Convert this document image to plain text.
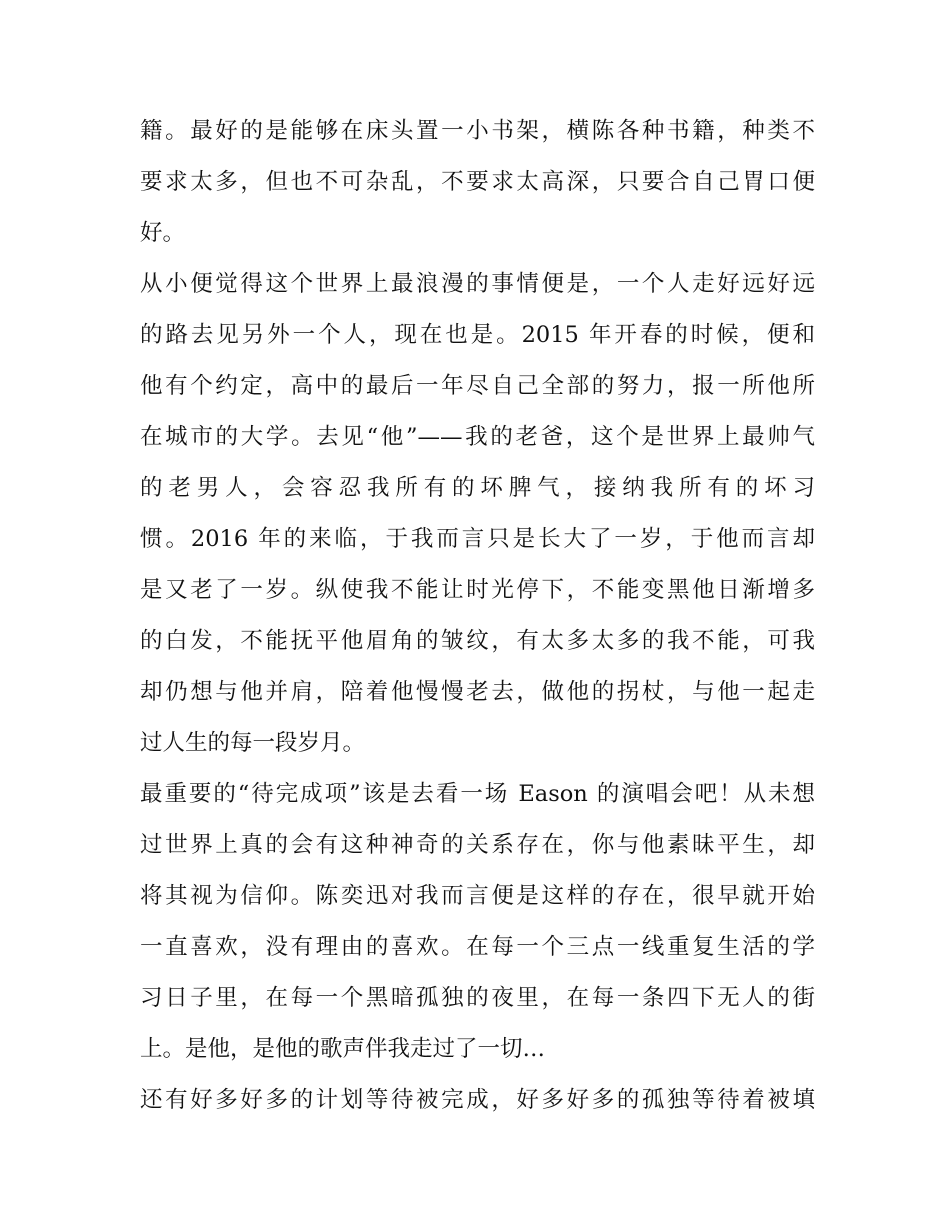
籍。最好的是能够在床头置一小书架，横陈各种书籍，种类不
要求太多，但也不可杂乱，不要求太高深，只要合自己胃口便
好。
从小便觉得这个世界上最浪漫的事情便是，一个人走好远好远
的路去见另外一个人，现在也是。2015 年开春的时候，便和
他有个约定，高中的最后一年尽自己全部的努力，报一所他所
在城市的大学。去见“他”——我的老爸，这个是世界上最帅气
的老男人，会容忍我所有的坏脾气，接纳我所有的坏习
惯。2016 年的来临，于我而言只是长大了一岁，于他而言却
是又老了一岁。纵使我不能让时光停下，不能变黑他日渐增多
的白发，不能抚平他眉角的皱纹，有太多太多的我不能，可我
却仍想与他并肩，陪着他慢慢老去，做他的拐杖，与他一起走
过人生的每一段岁月。
最重要的“待完成项”该是去看一场 Eason 的演唱会吧！从未想
过世界上真的会有这种神奇的关系存在，你与他素昧平生，却
将其视为信仰。陈奕迅对我而言便是这样的存在，很早就开始
一直喜欢，没有理由的喜欢。在每一个三点一线重复生活的学
习日子里，在每一个黑暗孤独的夜里，在每一条四下无人的街
上。是他，是他的歌声伴我走过了一切…
还有好多好多的计划等待被完成，好多好多的孤独等待着被填
